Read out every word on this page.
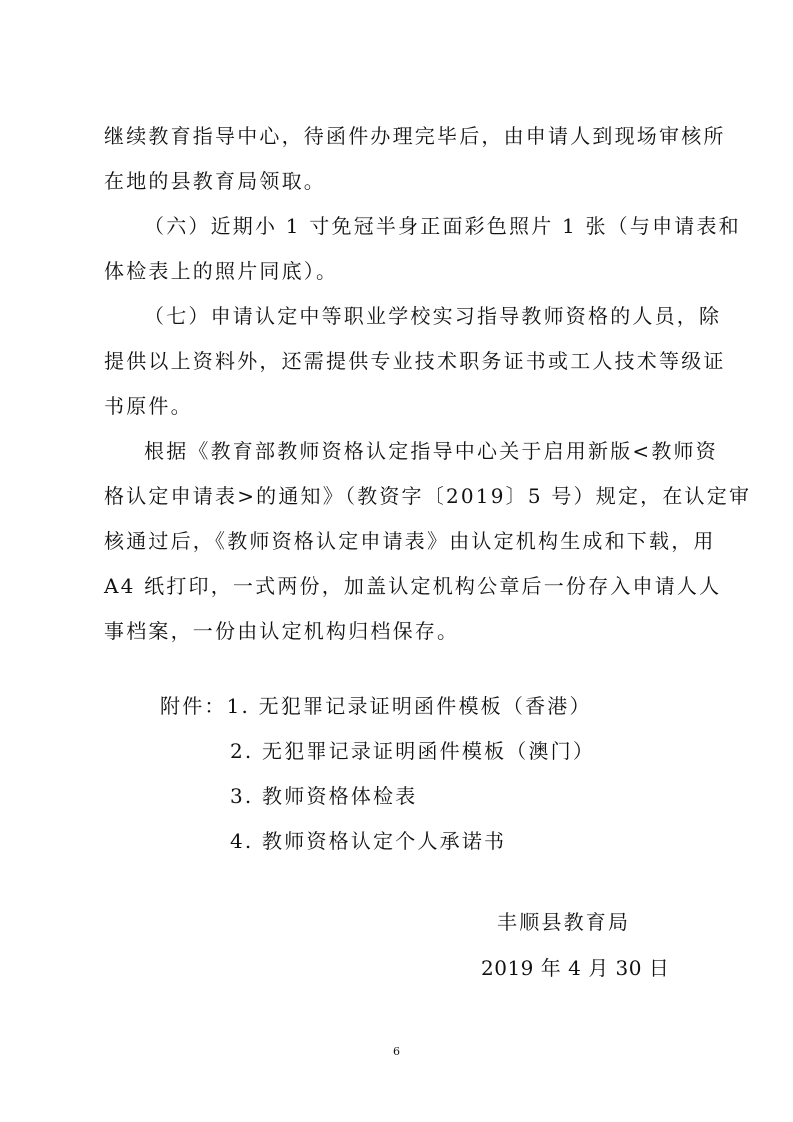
继续教育指导中心，待函件办理完毕后，由申请人到现场审核所
在地的县教育局领取。
（六）近期小 1 寸免冠半身正面彩色照片 1 张（与申请表和
体检表上的照片同底）。
（七）申请认定中等职业学校实习指导教师资格的人员，除
提供以上资料外，还需提供专业技术职务证书或工人技术等级证
书原件。
根据《教育部教师资格认定指导中心关于启用新版<教师资
格认定申请表>的通知》（教资字〔2019〕5 号）规定，在认定审
核通过后，《教师资格认定申请表》由认定机构生成和下载，用
A4 纸打印，一式两份，加盖认定机构公章后一份存入申请人人
事档案，一份由认定机构归档保存。
附件：1. 无犯罪记录证明函件模板（香港）
2. 无犯罪记录证明函件模板（澳门）
3. 教师资格体检表
4. 教师资格认定个人承诺书
丰顺县教育局
2019 年 4 月 30 日
6
